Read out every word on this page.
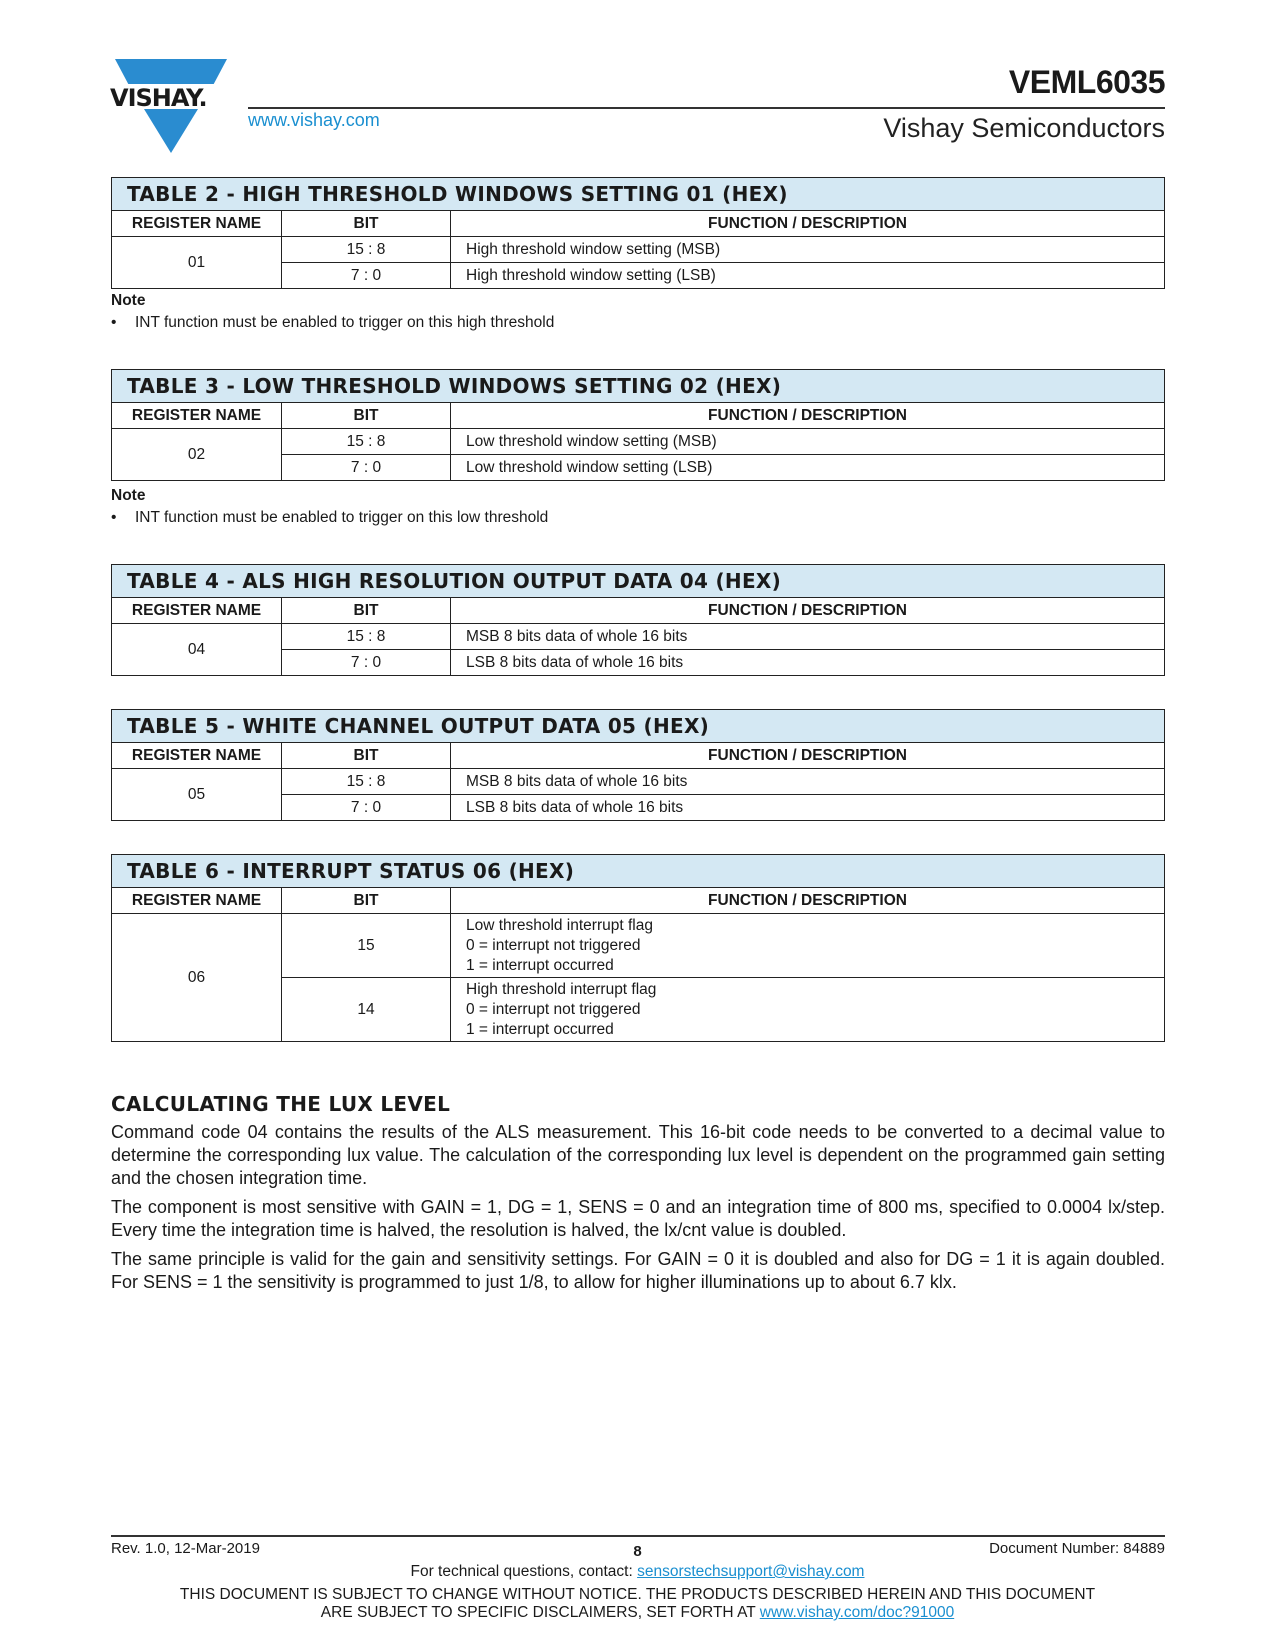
VISHAY.
www.vishay.com
VEML6035
Vishay Semiconductors
TABLE 2 - HIGH THRESHOLD WINDOWS SETTING 01 (HEX)		
REGISTER NAME	BIT	FUNCTION / DESCRIPTION
01	15 : 8	High threshold window setting (MSB)
	7 : 0	High threshold window setting (LSB)
Note
• INT function must be enabled to trigger on this high threshold
TABLE 3 - LOW THRESHOLD WINDOWS SETTING 02 (HEX)		
REGISTER NAME	BIT	FUNCTION / DESCRIPTION
02	15 : 8	Low threshold window setting (MSB)
	7 : 0	Low threshold window setting (LSB)
Note
• INT function must be enabled to trigger on this low threshold
TABLE 4 - ALS HIGH RESOLUTION OUTPUT DATA 04 (HEX)		
REGISTER NAME	BIT	FUNCTION / DESCRIPTION
04	15 : 8	MSB 8 bits data of whole 16 bits
	7 : 0	LSB 8 bits data of whole 16 bits
TABLE 5 - WHITE CHANNEL OUTPUT DATA 05 (HEX)		
REGISTER NAME	BIT	FUNCTION / DESCRIPTION
05	15 : 8	MSB 8 bits data of whole 16 bits
	7 : 0	LSB 8 bits data of whole 16 bits
TABLE 6 - INTERRUPT STATUS 06 (HEX)		
REGISTER NAME	BIT	FUNCTION / DESCRIPTION
06	15	Low threshold interrupt flag
0 = interrupt not triggered
1 = interrupt occurred

	14	High threshold interrupt flag
0 = interrupt not triggered
1 = interrupt occurred
CALCULATING THE LUX LEVEL
Command code 04 contains the results of the ALS measurement. This 16-bit code needs to be converted to a decimal value to determine the corresponding lux value. The calculation of the corresponding lux level is dependent on the programmed gain setting and the chosen integration time.
The component is most sensitive with GAIN = 1, DG = 1, SENS = 0 and an integration time of 800 ms, specified to 0.0004 lx/step. Every time the integration time is halved, the resolution is halved, the lx/cnt value is doubled.
The same principle is valid for the gain and sensitivity settings. For GAIN = 0 it is doubled and also for DG = 1 it is again doubled. For SENS = 1 the sensitivity is programmed to just 1/8, to allow for higher illuminations up to about 6.7 klx.
Rev. 1.0, 12-Mar-2019	8	Document Number: 84889
For technical questions, contact: sensorstechsupport@vishay.com
THIS DOCUMENT IS SUBJECT TO CHANGE WITHOUT NOTICE. THE PRODUCTS DESCRIBED HEREIN AND THIS DOCUMENT
ARE SUBJECT TO SPECIFIC DISCLAIMERS, SET FORTH AT www.vishay.com/doc?91000
